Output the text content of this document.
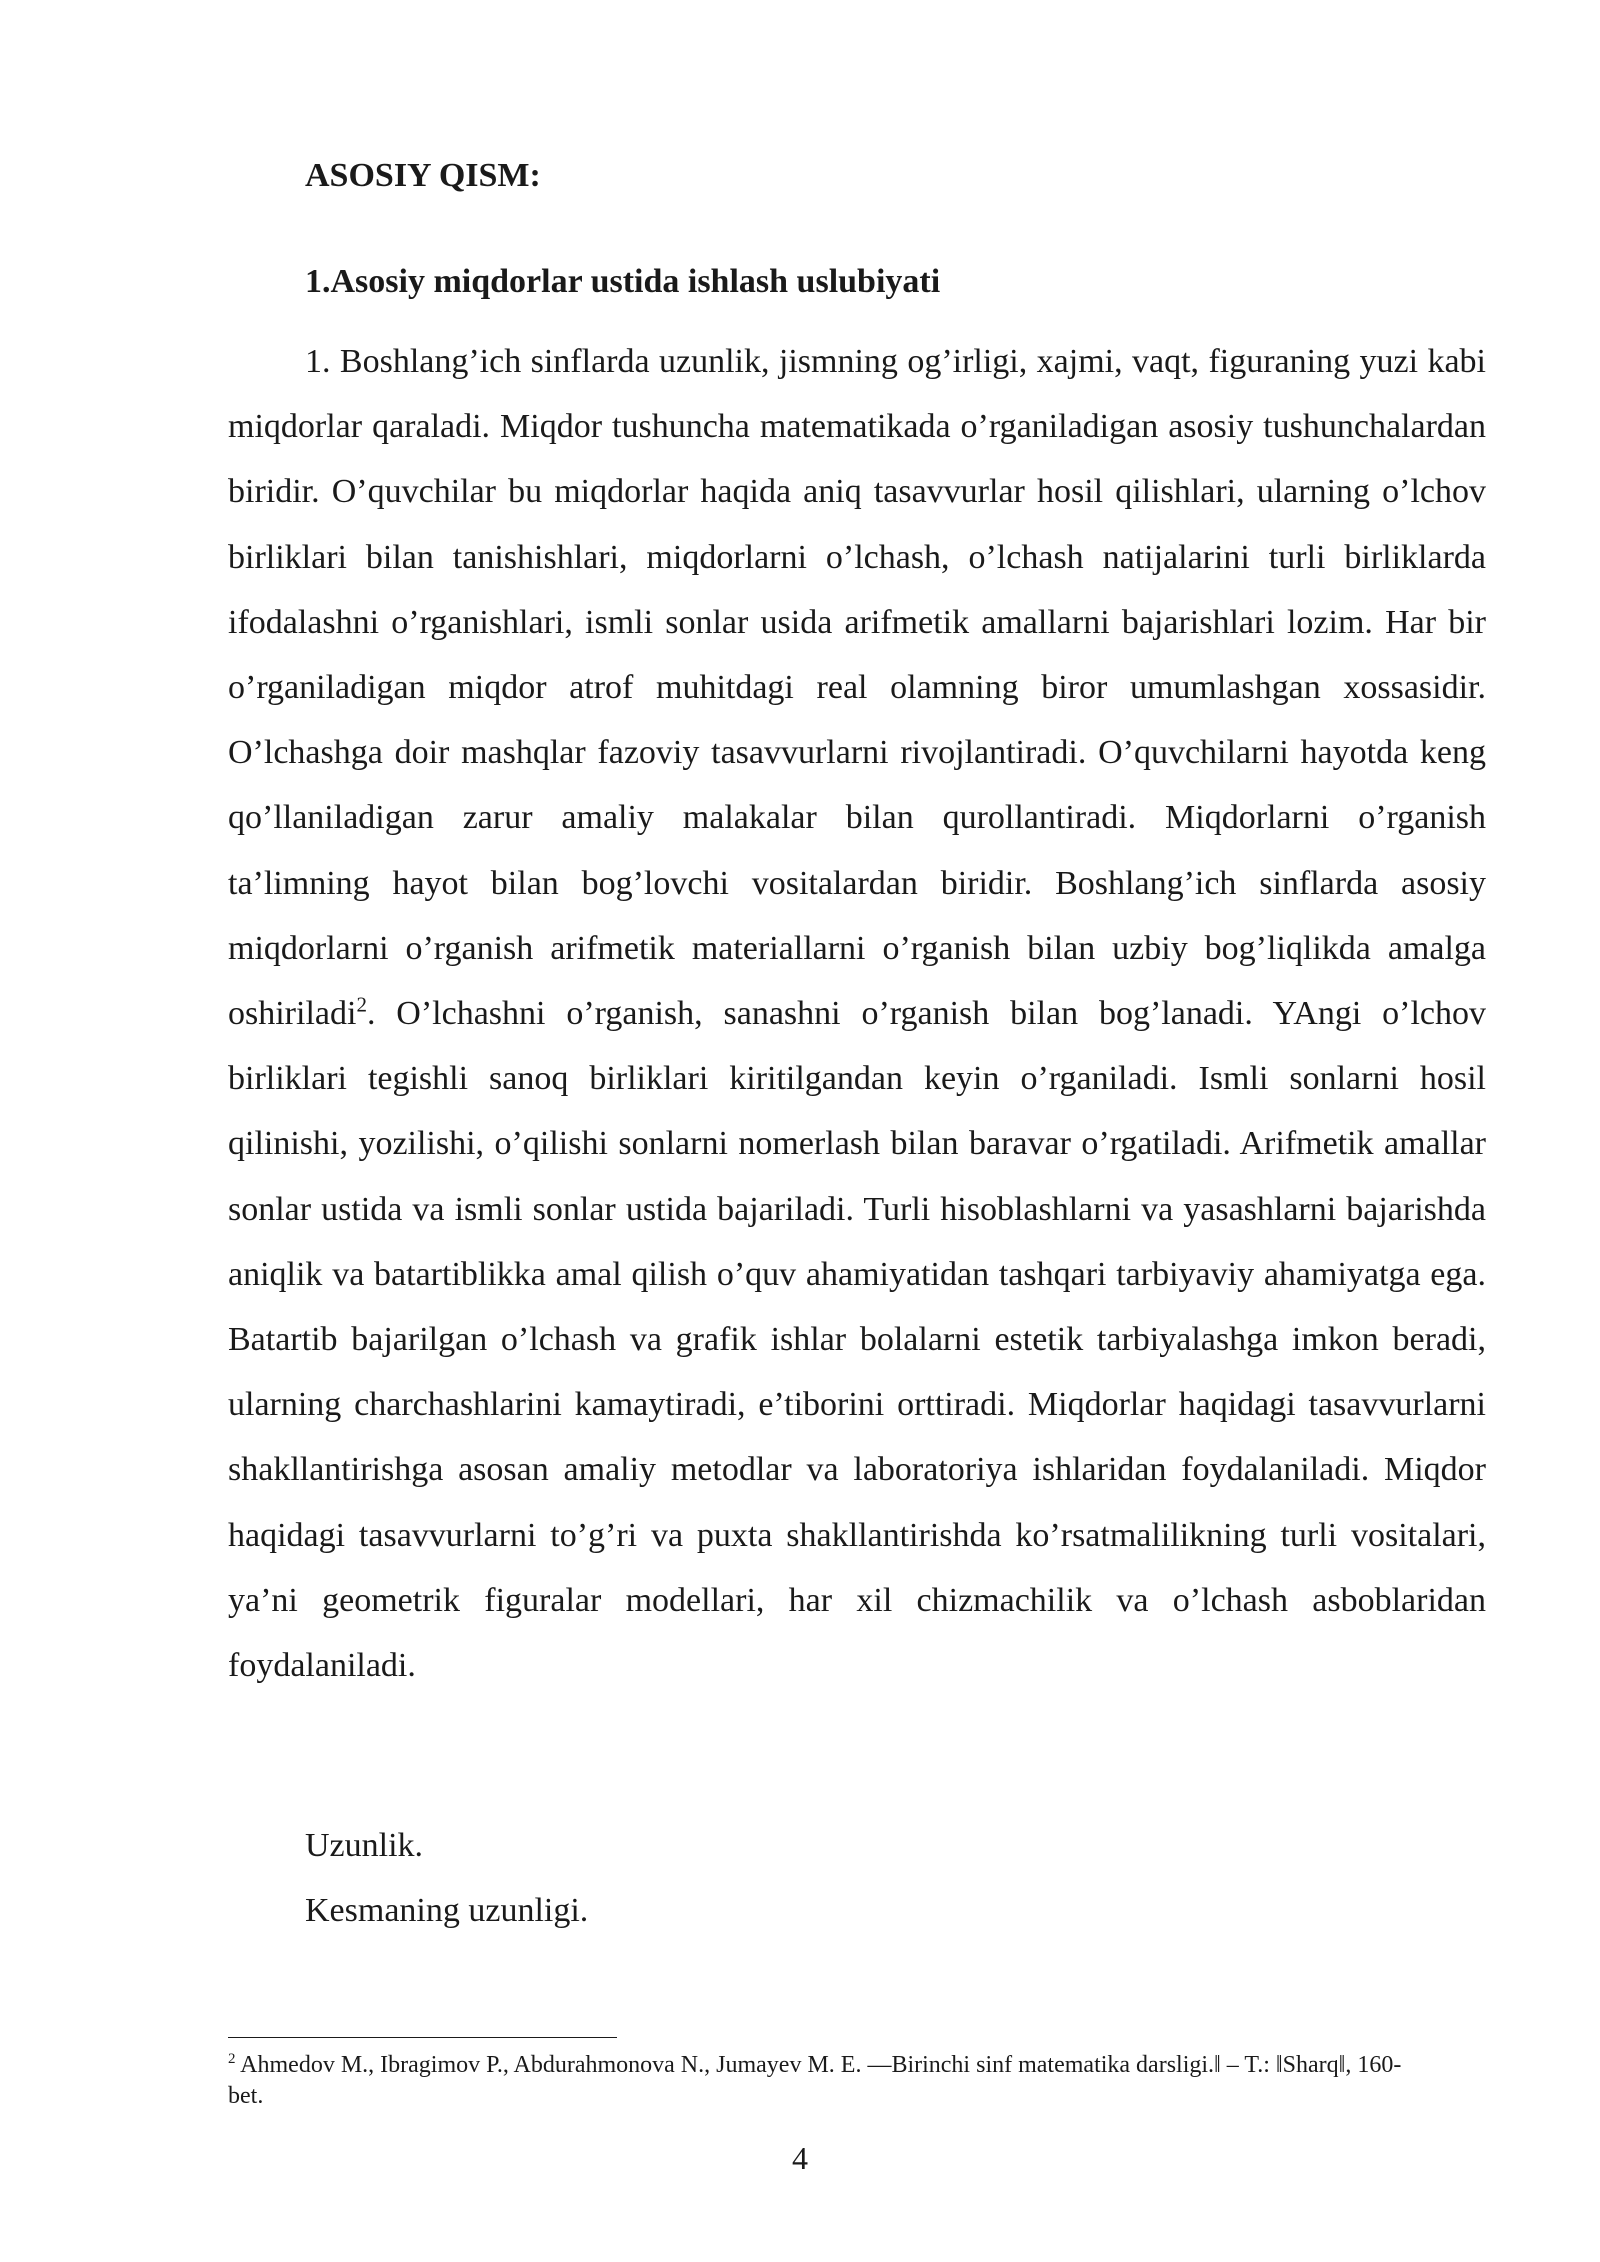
ASOSIY QISM:
1.Asosiy miqdorlar ustida ishlash uslubiyati

1. Boshlang’ich sinflarda uzunlik, jismning og’irligi, xajmi, vaqt, figuraning yuzi kabi miqdorlar qaraladi. Miqdor tushuncha matematikada o’rganiladigan asosiy tushunchalardan biridir. O’quvchilar bu miqdorlar haqida aniq tasavvurlar hosil qilishlari, ularning o’lchov birliklari bilan tanishishlari, miqdorlarni o’lchash, o’lchash natijalarini turli birliklarda ifodalashni o’rganishlari, ismli sonlar usida arifmetik amallarni bajarishlari lozim. Har bir o’rganiladigan miqdor atrof muhitdagi real olamning biror umumlashgan xossasidir. O’lchashga doir mashqlar fazoviy tasavvurlarni rivojlantiradi. O’quvchilarni hayotda keng qo’llaniladigan zarur amaliy malakalar bilan qurollantiradi. Miqdorlarni o’rganish ta’limning hayot bilan bog’lovchi vositalardan biridir. Boshlang’ich sinflarda asosiy miqdorlarni o’rganish arifmetik materiallarni o’rganish bilan uzbiy bog’liqlikda amalga oshiriladi$^2$. O’lchashni o’rganish, sanashni o’rganish bilan bog’lanadi. YAngi o’lchov birliklari tegishli sanoq birliklari kiritilgandan keyin o’rganiladi. Ismli sonlarni hosil qilinishi, yozilishi, o’qilishi sonlarni nomerlash bilan baravar o’rgatiladi. Arifmetik amallar sonlar ustida va ismli sonlar ustida bajariladi. Turli hisoblashlarni va yasashlarni bajarishda aniqlik va batartiblikka amal qilish o’quv ahamiyatidan tashqari tarbiyaviy ahamiyatga ega. Batartib bajarilgan o’lchash va grafik ishlar bolalarni estetik tarbiyalashga imkon beradi, ularning charchashlarini kamaytiradi, e’tiborini orttiradi. Miqdorlar haqidagi tasavvurlarni shakllantirishga asosan amaliy metodlar va laboratoriya ishlaridan foydalaniladi. Miqdor haqidagi tasavvurlarni to’g’ri va puxta shakllantirishda ko’rsatmalilikning turli vositalari, ya’ni geometrik figuralar modellari, har xil chizmachilik va o’lchash asboblaridan foydalaniladi.

Uzunlik.

Kesmaning uzunligi.

$^2$ Ahmedov M., Ibragimov P., Abdurahmonova N., Jumayev M. E. ―Birinchi sinf matematika darsligi.‖ – T.: ‖Sharq‖, 160-bet.

4
